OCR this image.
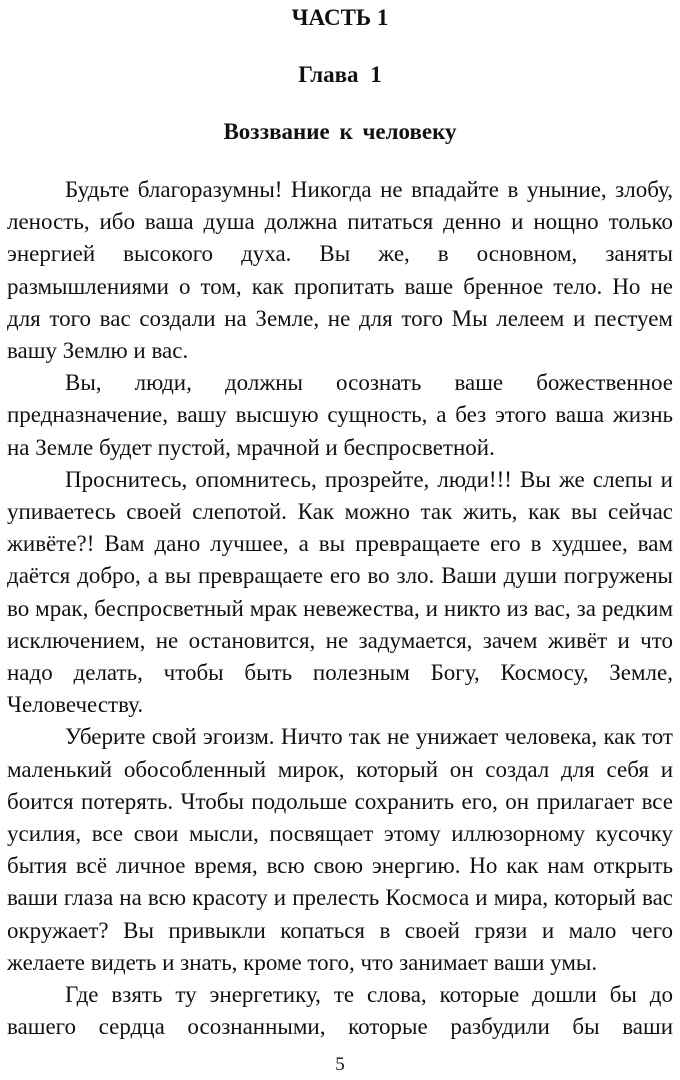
ЧАСТЬ 1
Глава 1
Воззвание к человеку

Будьте благоразумны! Никогда не впадайте в уныние, злобу, леность, ибо ваша душа должна питаться денно и нощно только энергией высокого духа. Вы же, в основном, заняты размышлениями о том, как пропитать ваше бренное тело. Но не для того вас создали на Земле, не для того Мы лелеем и пестуем вашу Землю и вас.

Вы, люди, должны осознать ваше божественное предназначение, вашу высшую сущность, а без этого ваша жизнь на Земле будет пустой, мрачной и беспросветной.

Проснитесь, опомнитесь, прозрейте, люди!!! Вы же слепы и упиваетесь своей слепотой. Как можно так жить, как вы сейчас живёте?! Вам дано лучшее, а вы превращаете его в худшее, вам даётся добро, а вы превращаете его во зло. Ваши души погружены во мрак, беспросветный мрак невежества, и никто из вас, за редким исключением, не остановится, не задумается, зачем живёт и что надо делать, чтобы быть полезным Богу, Космосу, Земле, Человечеству.

Уберите свой эгоизм. Ничто так не унижает человека, как тот маленький обособленный мирок, который он создал для себя и боится потерять. Чтобы подольше сохранить его, он прилагает все усилия, все свои мысли, посвящает этому иллюзорному кусочку бытия всё личное время, всю свою энергию. Но как нам открыть ваши глаза на всю красоту и прелесть Космоса и мира, который вас окружает? Вы привыкли копаться в своей грязи и мало чего желаете видеть и знать, кроме того, что занимает ваши умы.

Где взять ту энергетику, те слова, которые дошли бы до вашего сердца осознанными, которые разбудили бы ваши

5
